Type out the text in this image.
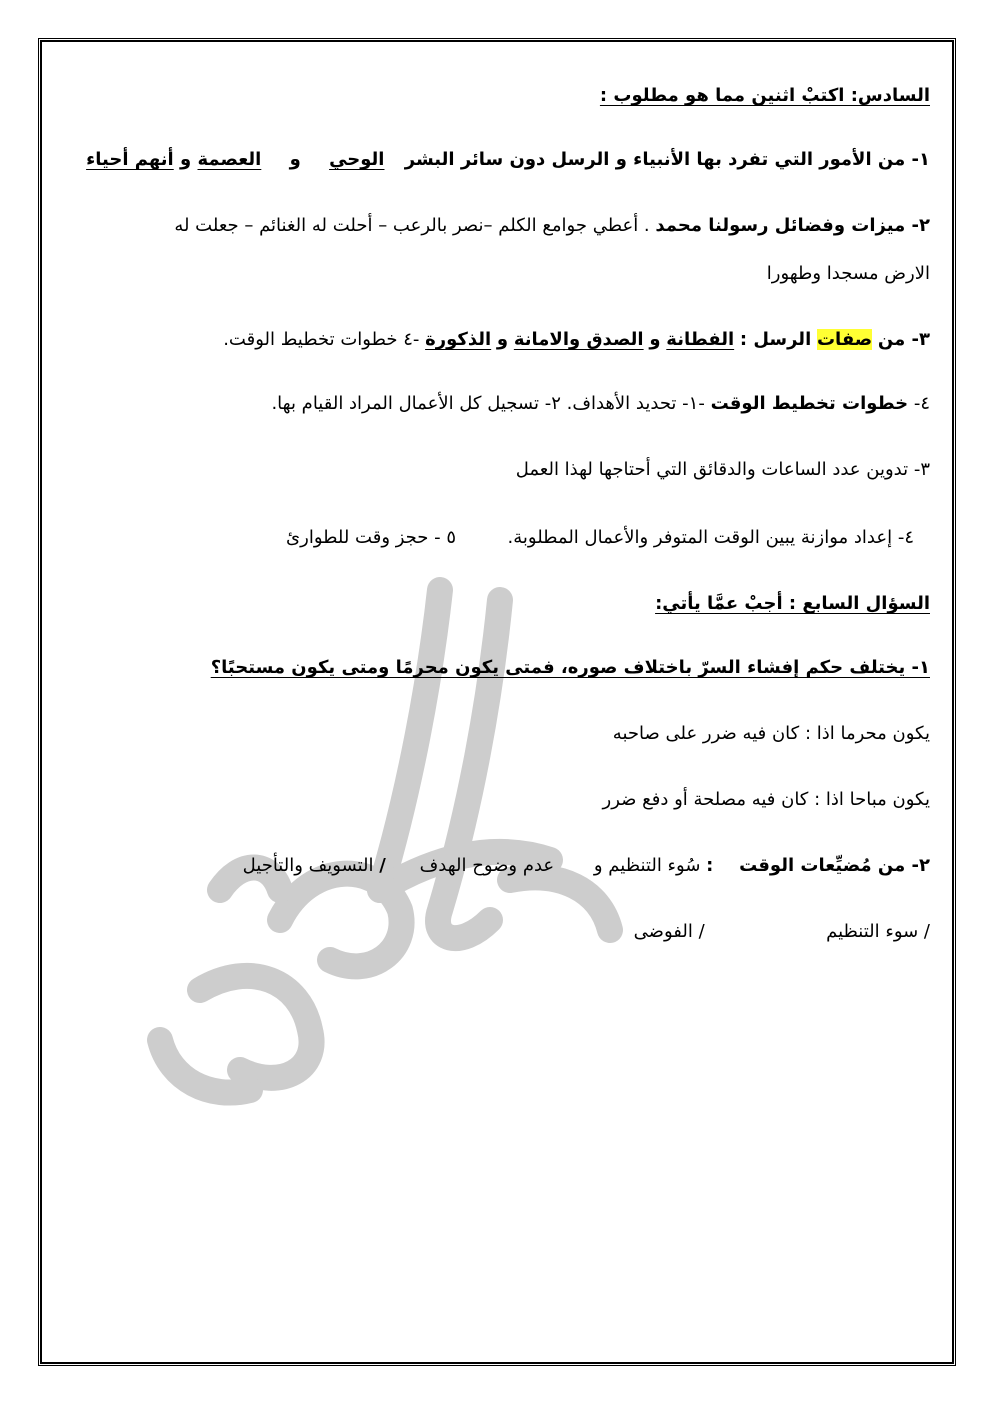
السادس: اكتبْ اثنين مما هو مطلوب :
١- من الأمور التي تفرد بها الأنبياء و الرسل دون سائر البشر الوحي و العصمة و أنهم أحياء
٢- ميزات وفضائل رسولنا محمد . أعطي جوامع الكلم –نصر بالرعب – أحلت له الغنائم – جعلت له
الارض مسجدا وطهورا
٣- من صفات الرسل : الفطانة و الصدق والامانة و الذكورة -٤ خطوات تخطيط الوقت.
٤- خطوات تخطيط الوقت -١- تحديد الأهداف. ٢- تسجيل كل الأعمال المراد القيام بها.
٣- تدوين عدد الساعات والدقائق التي أحتاجها لهذا العمل
٤- إعداد موازنة يبين الوقت المتوفر والأعمال المطلوبة.  ٥ - حجز وقت للطوارئ
السؤال السابع : أجبْ عمَّا يأتي:
١- يختلف حكم إفشاء السرّ باختلاف صوره، فمتى يكون محرمًا ومتى يكون مستحبًا؟
يكون محرما اذا : كان فيه ضرر على صاحبه
يكون مباحا اذا : كان فيه مصلحة أو دفع ضرر
٢- من مُضيِّعات الوقت : سُوء التنظيم و عدم وضوح الهدف / التسويف والتأجيل
/ سوء التنظيم  / الفوضى
